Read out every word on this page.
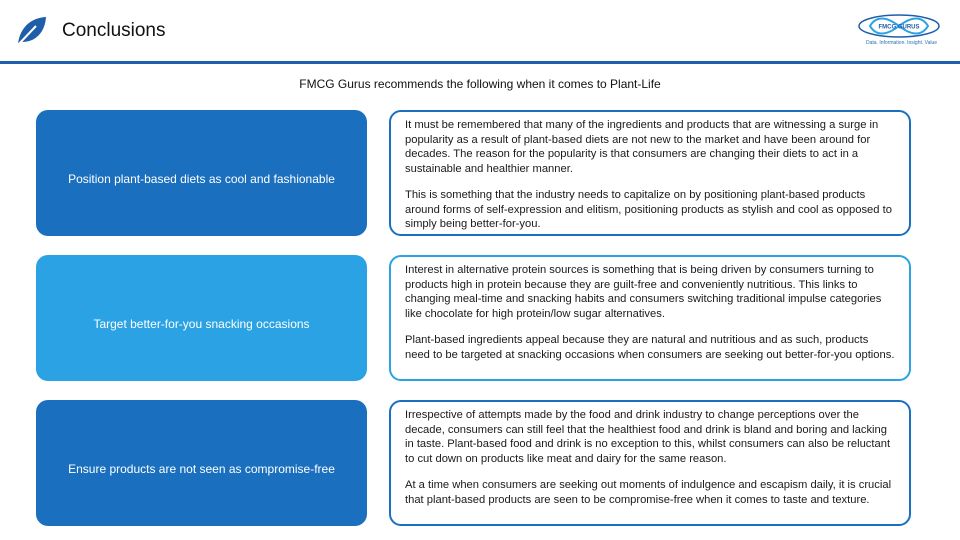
Conclusions	FMCG GURUS
Data. Information. Insight. Value
FMCG Gurus recommends the following when it comes to Plant-Life
Position plant-based diets as cool and fashionable

It must be remembered that many of the ingredients and products that are witnessing a surge in popularity as a result of plant-based diets are not new to the market and have been around for decades. The reason for the popularity is that consumers are changing their diets to act in a sustainable and healthier manner.

This is something that the industry needs to capitalize on by positioning plant-based products around forms of self-expression and elitism, positioning products as stylish and cool as opposed to simply being better-for-you.

Target better-for-you snacking occasions

Interest in alternative protein sources is something that is being driven by consumers turning to products high in protein because they are guilt-free and conveniently nutritious. This links to changing meal-time and snacking habits and consumers switching traditional impulse categories like chocolate for high protein/low sugar alternatives.

Plant-based ingredients appeal because they are natural and nutritious and as such, products need to be targeted at snacking occasions when consumers are seeking out better-for-you options.

Ensure products are not seen as compromise-free

Irrespective of attempts made by the food and drink industry to change perceptions over the decade, consumers can still feel that the healthiest food and drink is bland and boring and lacking in taste. Plant-based food and drink is no exception to this, whilst consumers can also be reluctant to cut down on products like meat and dairy for the same reason.

At a time when consumers are seeking out moments of indulgence and escapism daily, it is crucial that plant-based products are seen to be compromise-free when it comes to taste and texture.
